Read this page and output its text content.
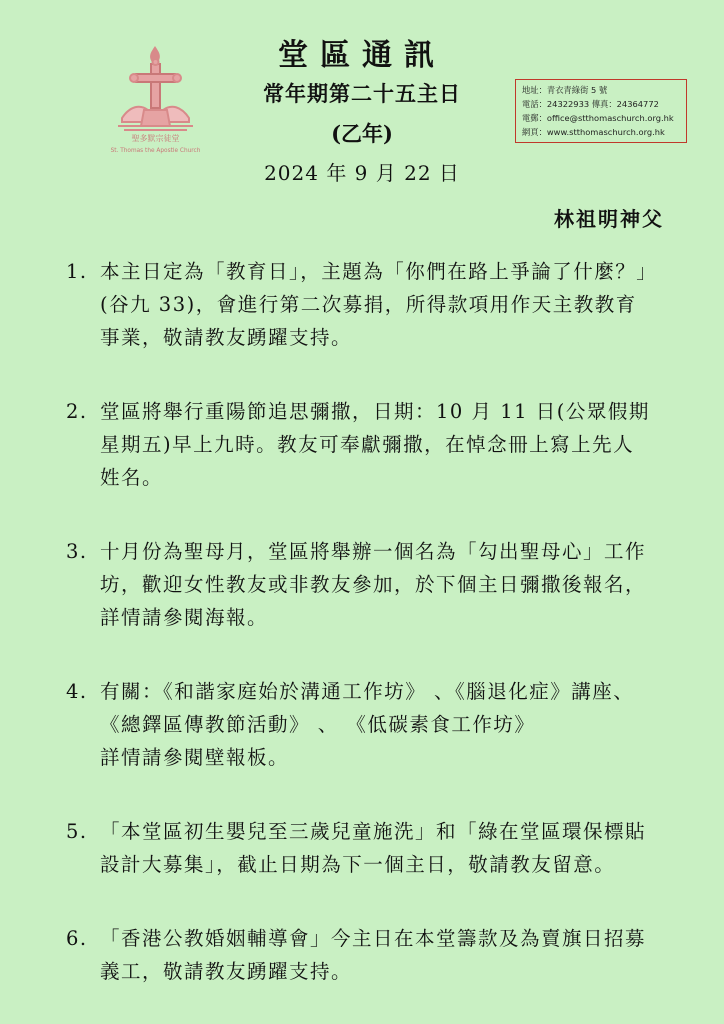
聖多默宗徒堂
St. Thomas the Apostle Church
堂區通訊
常年期第二十五主日
(乙年)
2024 年 9 月 22 日
地址：青衣青綠街 5 號
電話：24322933 傳真：24364772
電郵：office@stthomaschurch.org.hk
網頁：www.stthomaschurch.org.hk
林祖明神父
1. 本主日定為「教育日」，主題為「你們在路上爭論了什麼？」

(谷九 33)，會進行第二次募捐，所得款項用作天主教教育

事業，敬請教友踴躍支持。

2. 堂區將舉行重陽節追思彌撒，日期：10 月 11 日(公眾假期

星期五)早上九時。教友可奉獻彌撒，在悼念冊上寫上先人

姓名。

3. 十月份為聖母月，堂區將舉辦一個名為「勾出聖母心」工作

坊，歡迎女性教友或非教友參加，於下個主日彌撒後報名，

詳情請參閱海報。

4. 有關：《和諧家庭始於溝通工作坊》 、《腦退化症》講座、

《總鐸區傳教節活動》 、 《低碳素食工作坊》

詳情請參閱壁報板。

5. 「本堂區初生嬰兒至三歲兒童施洗」和「綠在堂區環保標貼

設計大募集」，截止日期為下一個主日，敬請教友留意。

6. 「香港公教婚姻輔導會」今主日在本堂籌款及為賣旗日招募

義工，敬請教友踴躍支持。
